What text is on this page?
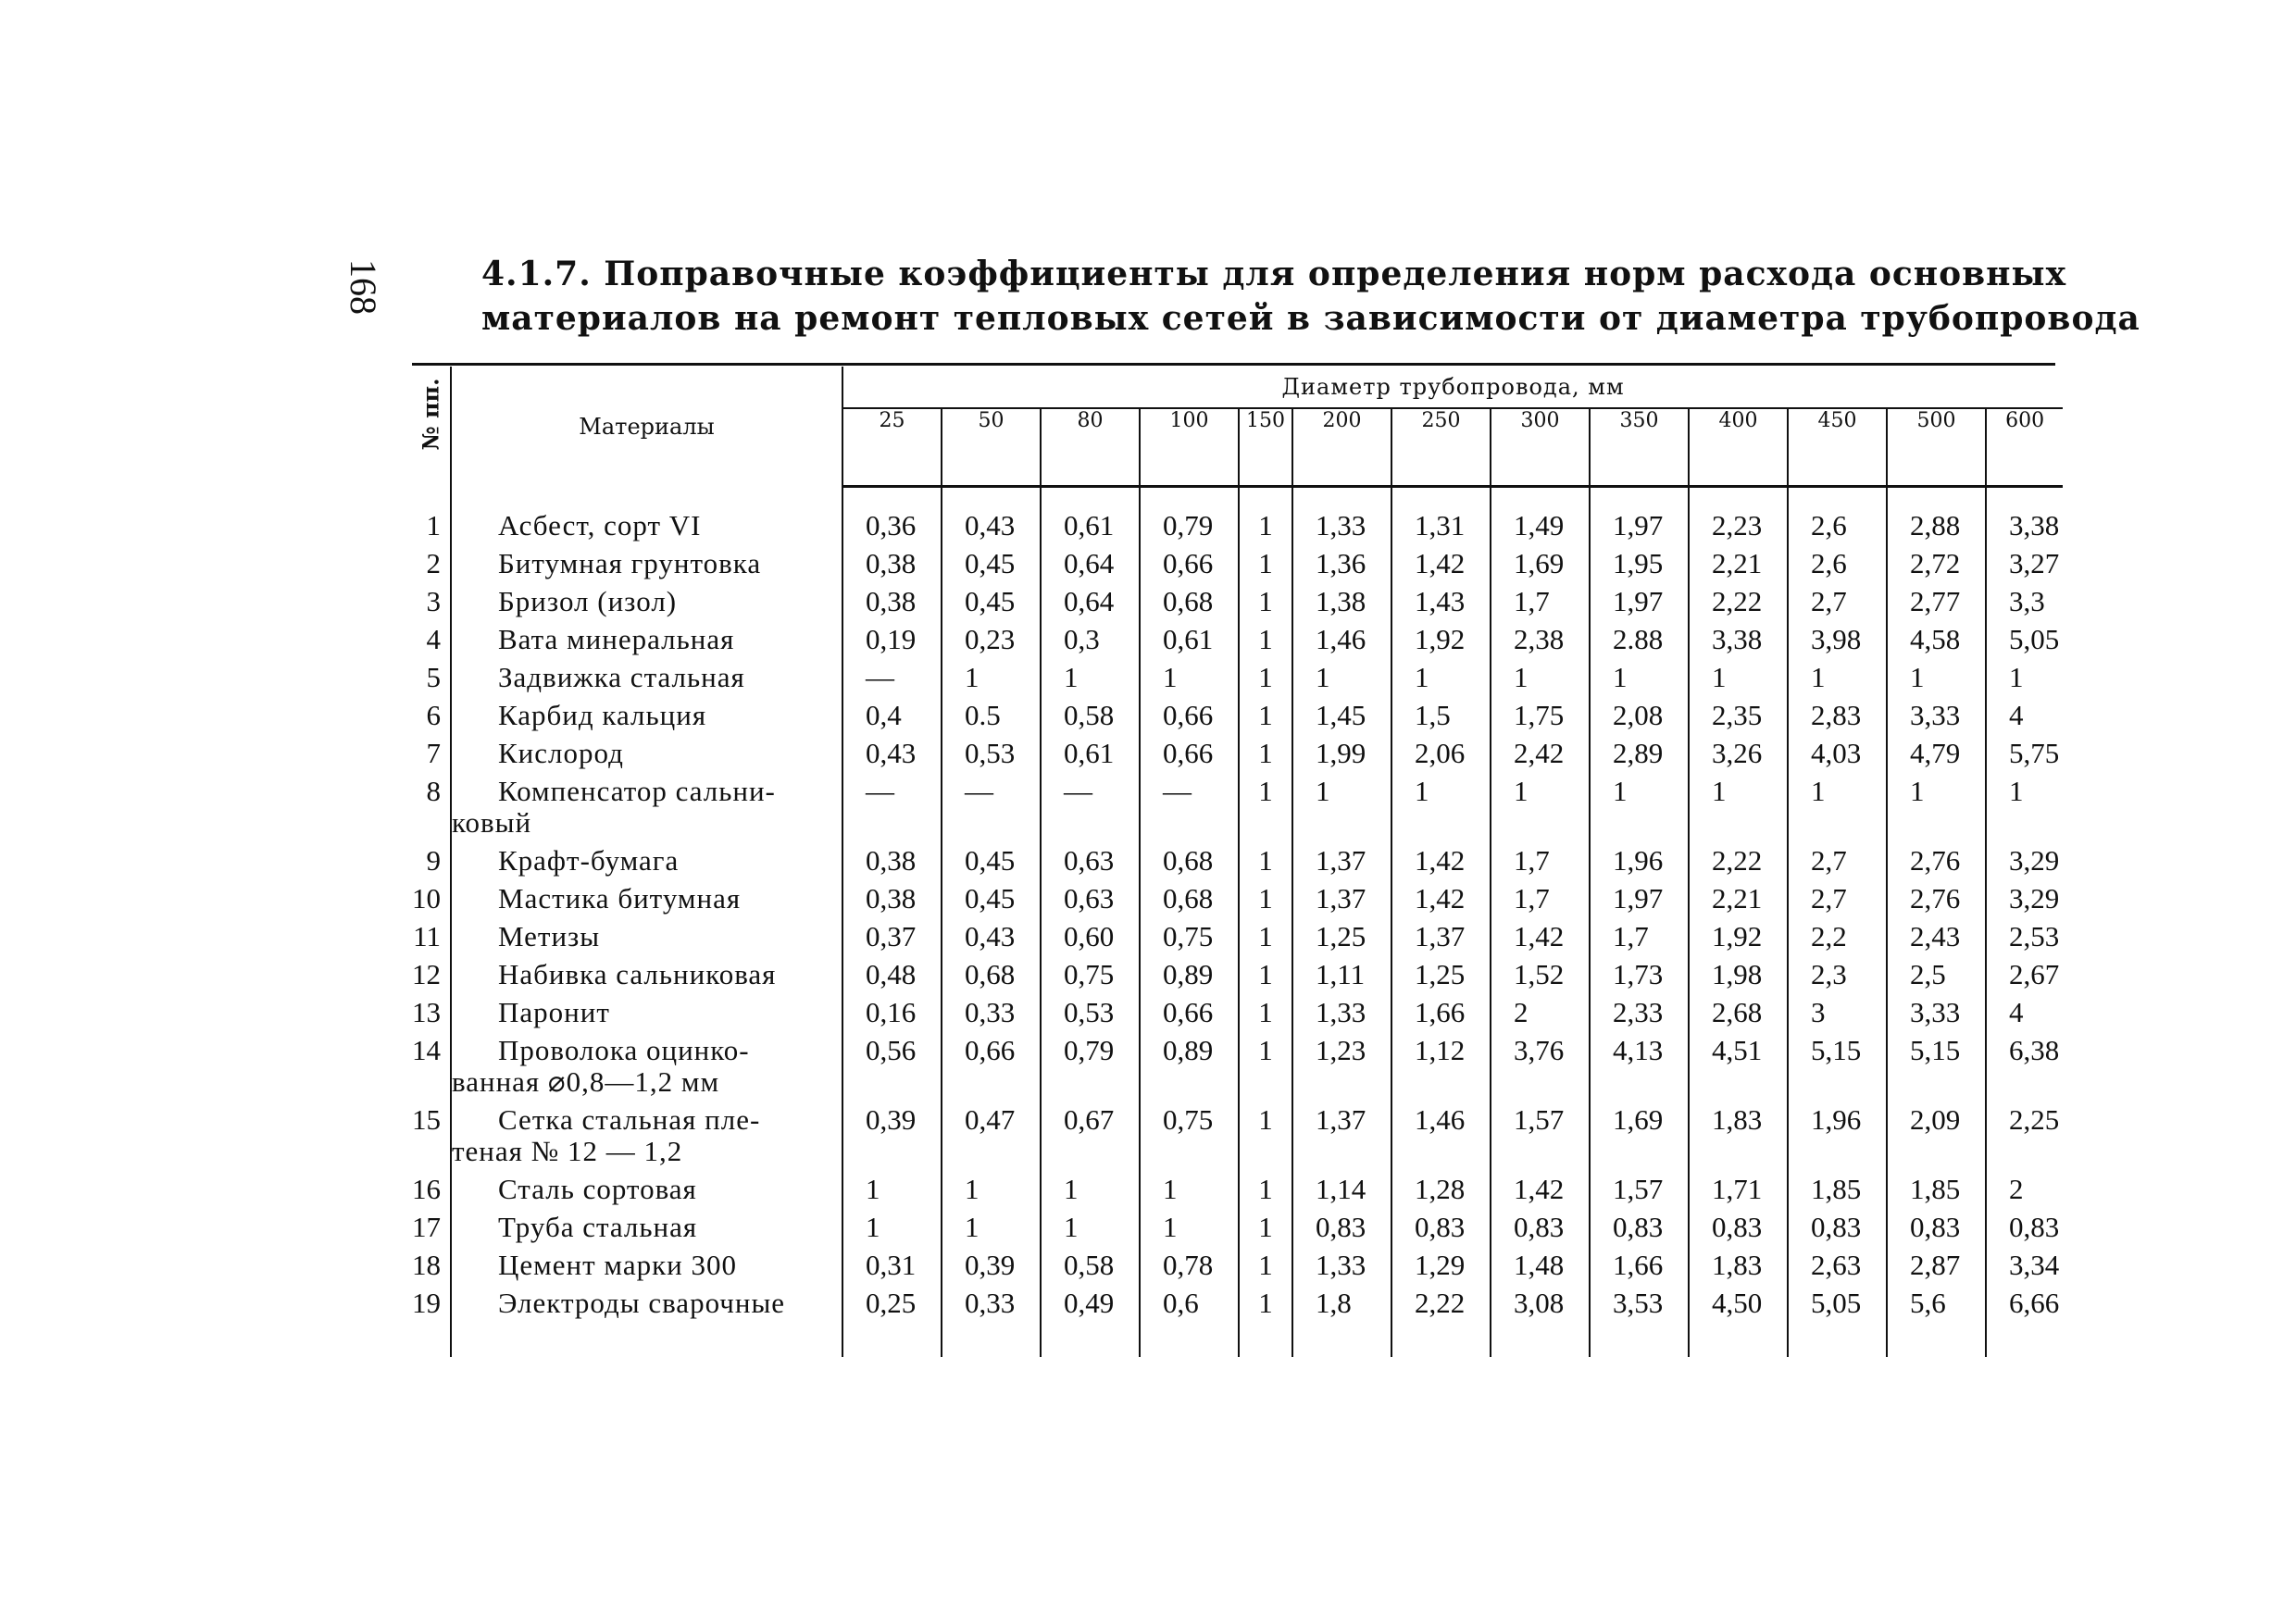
168	4.1.7. Поправочные коэффициенты для определения норм расхода основных
материалов на ремонт тепловых сетей в зависимости от диаметра трубопровода
№ пп.	Материалы	Диаметр трубопровода, мм												
		25	50	80	100	150	200	250	300	350	400	450	500	600

1	Асбест, сорт VI	0,36	0,43	0,61	0,79	1	1,33	1,31	1,49	1,97	2,23	2,6	2,88	3,38
2	Битумная грунтовка	0,38	0,45	0,64	0,66	1	1,36	1,42	1,69	1,95	2,21	2,6	2,72	3,27
3	Бризол (изол)	0,38	0,45	0,64	0,68	1	1,38	1,43	1,7	1,97	2,22	2,7	2,77	3,3
4	Вата минеральная	0,19	0,23	0,3	0,61	1	1,46	1,92	2,38	2.88	3,38	3,98	4,58	5,05
5	Задвижка стальная	—	1	1	1	1	1	1	1	1	1	1	1	1
6	Карбид кальция	0,4	0.5	0,58	0,66	1	1,45	1,5	1,75	2,08	2,35	2,83	3,33	4
7	Кислород	0,43	0,53	0,61	0,66	1	1,99	2,06	2,42	2,89	3,26	4,03	4,79	5,75
8	Компенсатор сальни-
ковый	—	—	—	—	1	1	1	1	1	1	1	1	1
9	Крафт-бумага	0,38	0,45	0,63	0,68	1	1,37	1,42	1,7	1,96	2,22	2,7	2,76	3,29
10	Мастика битумная	0,38	0,45	0,63	0,68	1	1,37	1,42	1,7	1,97	2,21	2,7	2,76	3,29
11	Метизы	0,37	0,43	0,60	0,75	1	1,25	1,37	1,42	1,7	1,92	2,2	2,43	2,53
12	Набивка сальниковая	0,48	0,68	0,75	0,89	1	1,11	1,25	1,52	1,73	1,98	2,3	2,5	2,67
13	Паронит	0,16	0,33	0,53	0,66	1	1,33	1,66	2	2,33	2,68	3	3,33	4
14	Проволока оцинко-
ванная ⌀0,8—1,2 мм	0,56	0,66	0,79	0,89	1	1,23	1,12	3,76	4,13	4,51	5,15	5,15	6,38
15	Сетка стальная пле-
теная № 12 — 1,2	0,39	0,47	0,67	0,75	1	1,37	1,46	1,57	1,69	1,83	1,96	2,09	2,25
16	Сталь сортовая	1	1	1	1	1	1,14	1,28	1,42	1,57	1,71	1,85	1,85	2
17	Труба стальная	1	1	1	1	1	0,83	0,83	0,83	0,83	0,83	0,83	0,83	0,83
18	Цемент марки 300	0,31	0,39	0,58	0,78	1	1,33	1,29	1,48	1,66	1,83	2,63	2,87	3,34
19	Электроды сварочные	0,25	0,33	0,49	0,6	1	1,8	2,22	3,08	3,53	4,50	5,05	5,6	6,66
